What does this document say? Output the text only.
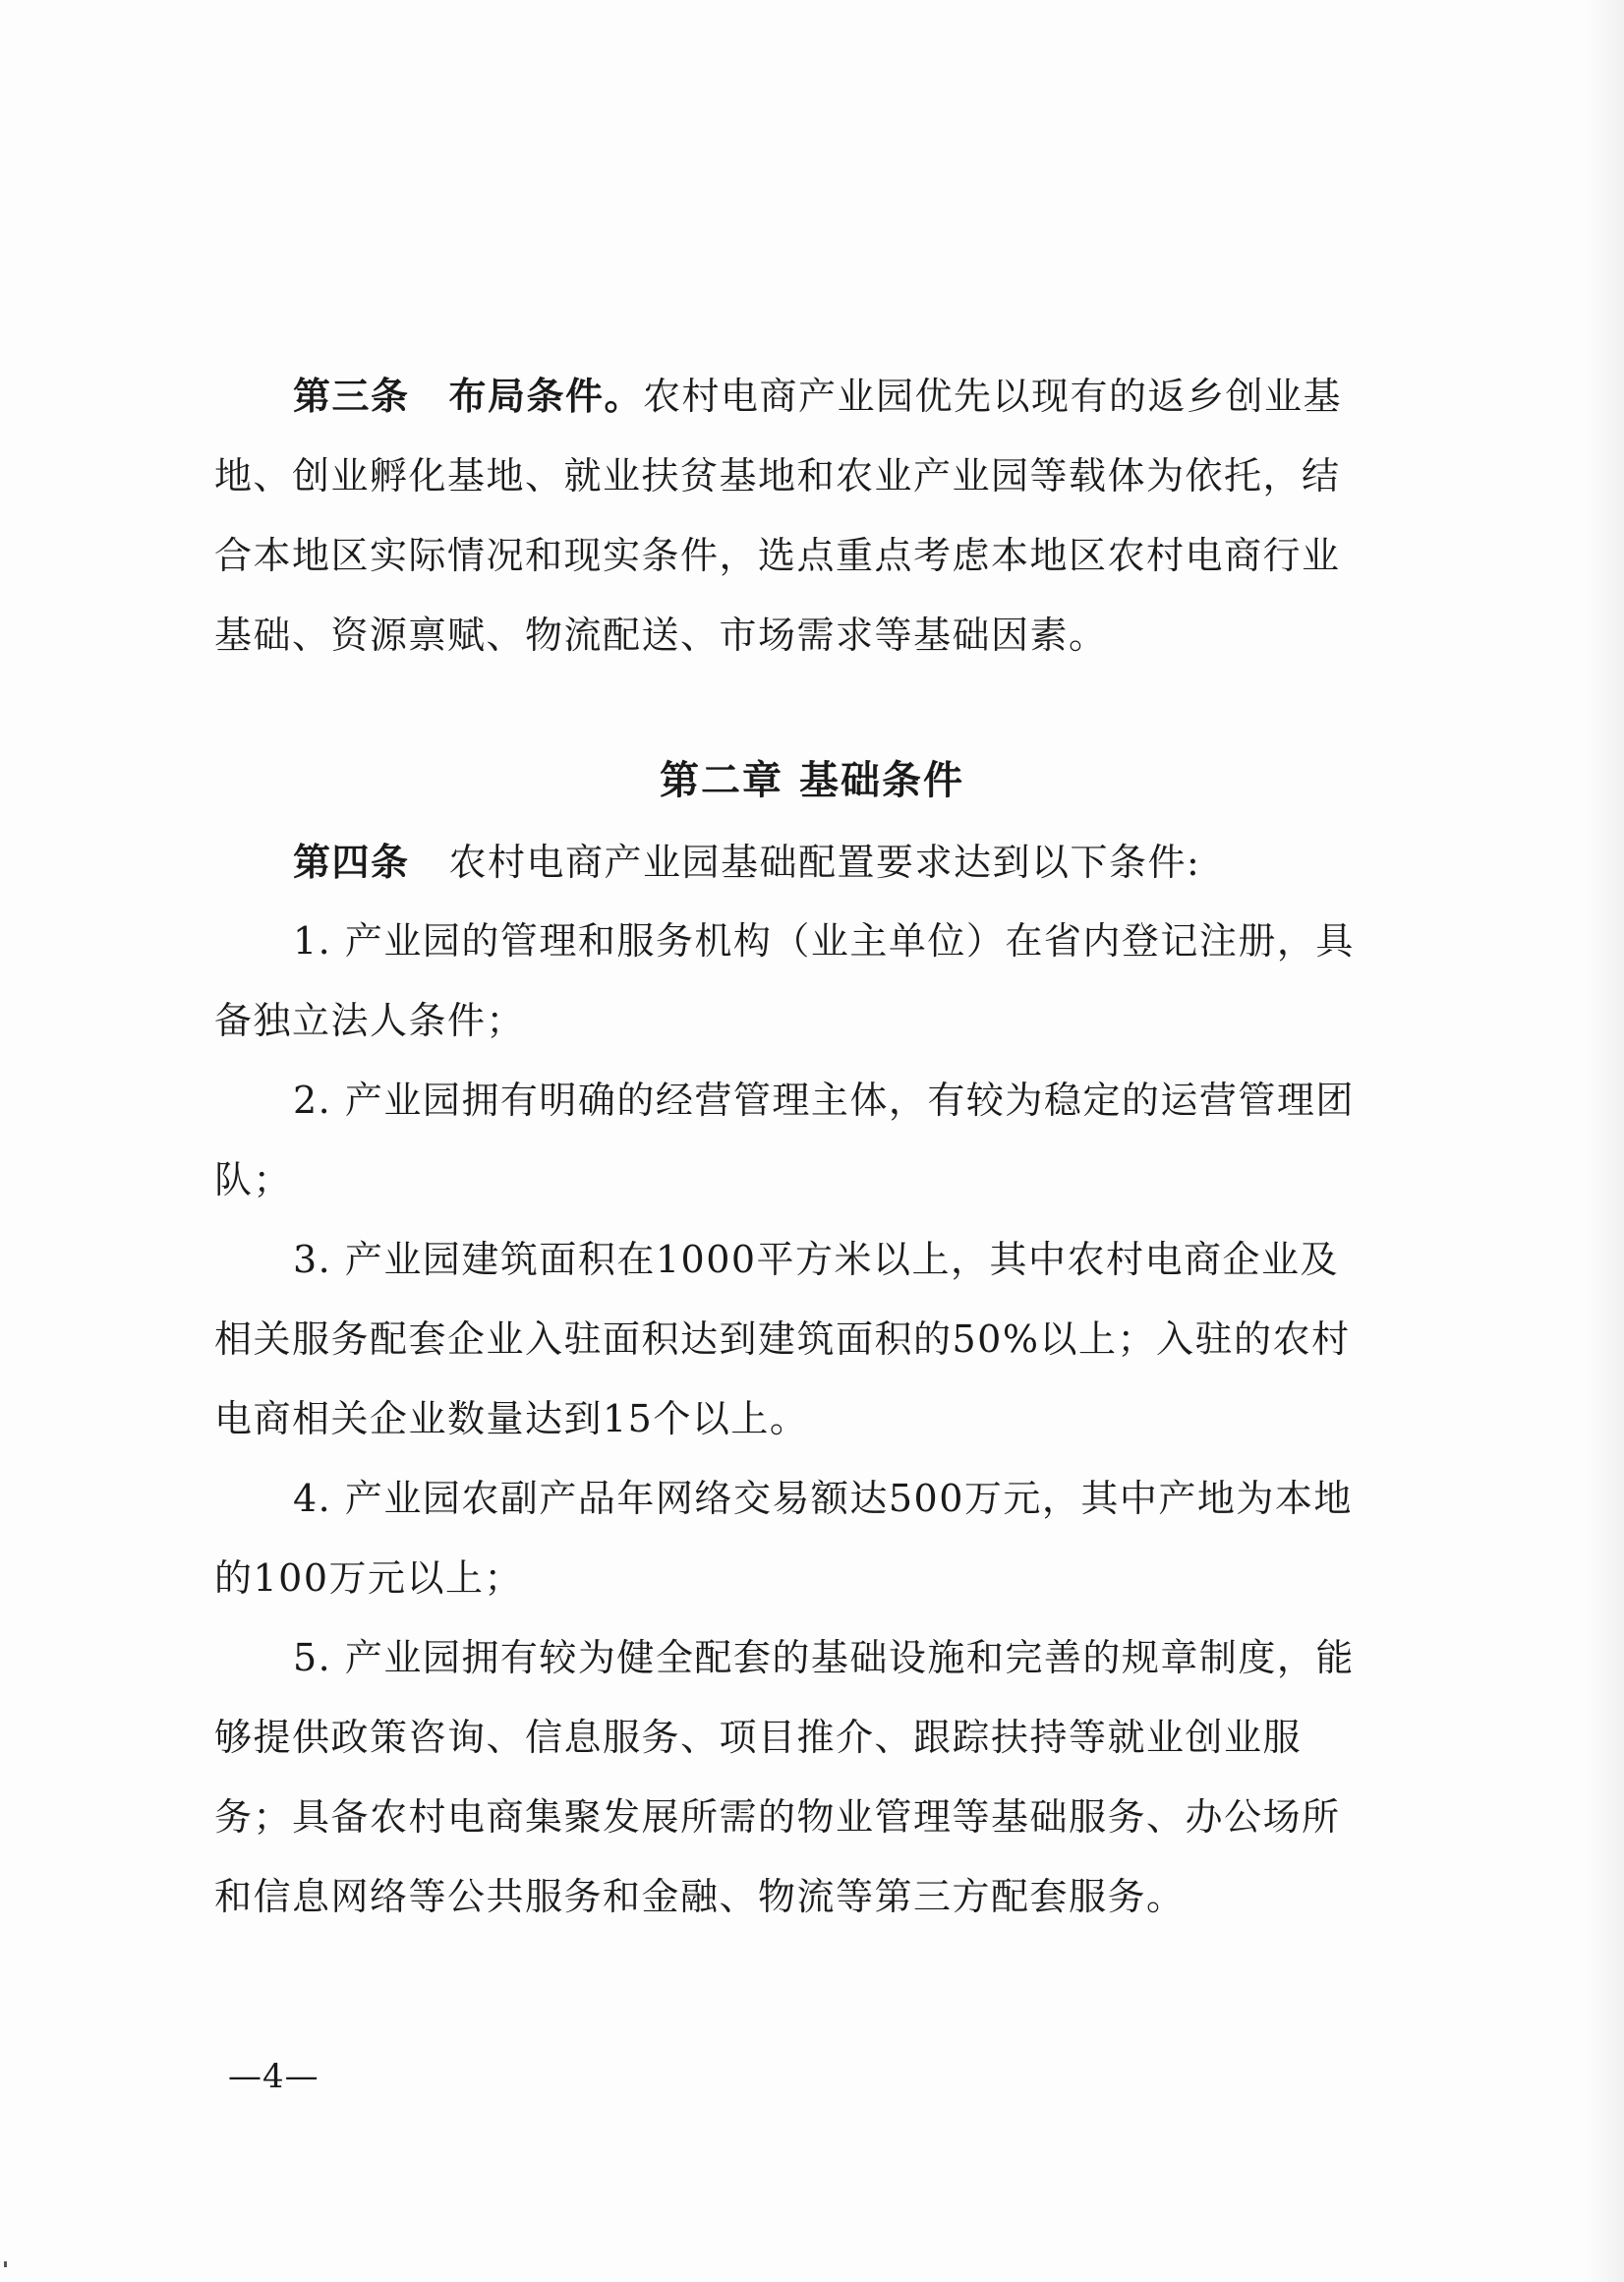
第三条 布局条件。农村电商产业园优先以现有的返乡创业基地、创业孵化基地、就业扶贫基地和农业产业园等载体为依托，结合本地区实际情况和现实条件，选点重点考虑本地区农村电商行业基础、资源禀赋、物流配送、市场需求等基础因素。

第二章 基础条件

第四条 农村电商产业园基础配置要求达到以下条件:

1. 产业园的管理和服务机构（业主单位）在省内登记注册，具备独立法人条件；

2. 产业园拥有明确的经营管理主体，有较为稳定的运营管理团队；

3. 产业园建筑面积在1000平方米以上，其中农村电商企业及相关服务配套企业入驻面积达到建筑面积的50%以上；入驻的农村电商相关企业数量达到15个以上。

4. 产业园农副产品年网络交易额达500万元，其中产地为本地的100万元以上；

5. 产业园拥有较为健全配套的基础设施和完善的规章制度，能够提供政策咨询、信息服务、项目推介、跟踪扶持等就业创业服务；具备农村电商集聚发展所需的物业管理等基础服务、办公场所和信息网络等公共服务和金融、物流等第三方配套服务。

—4—
